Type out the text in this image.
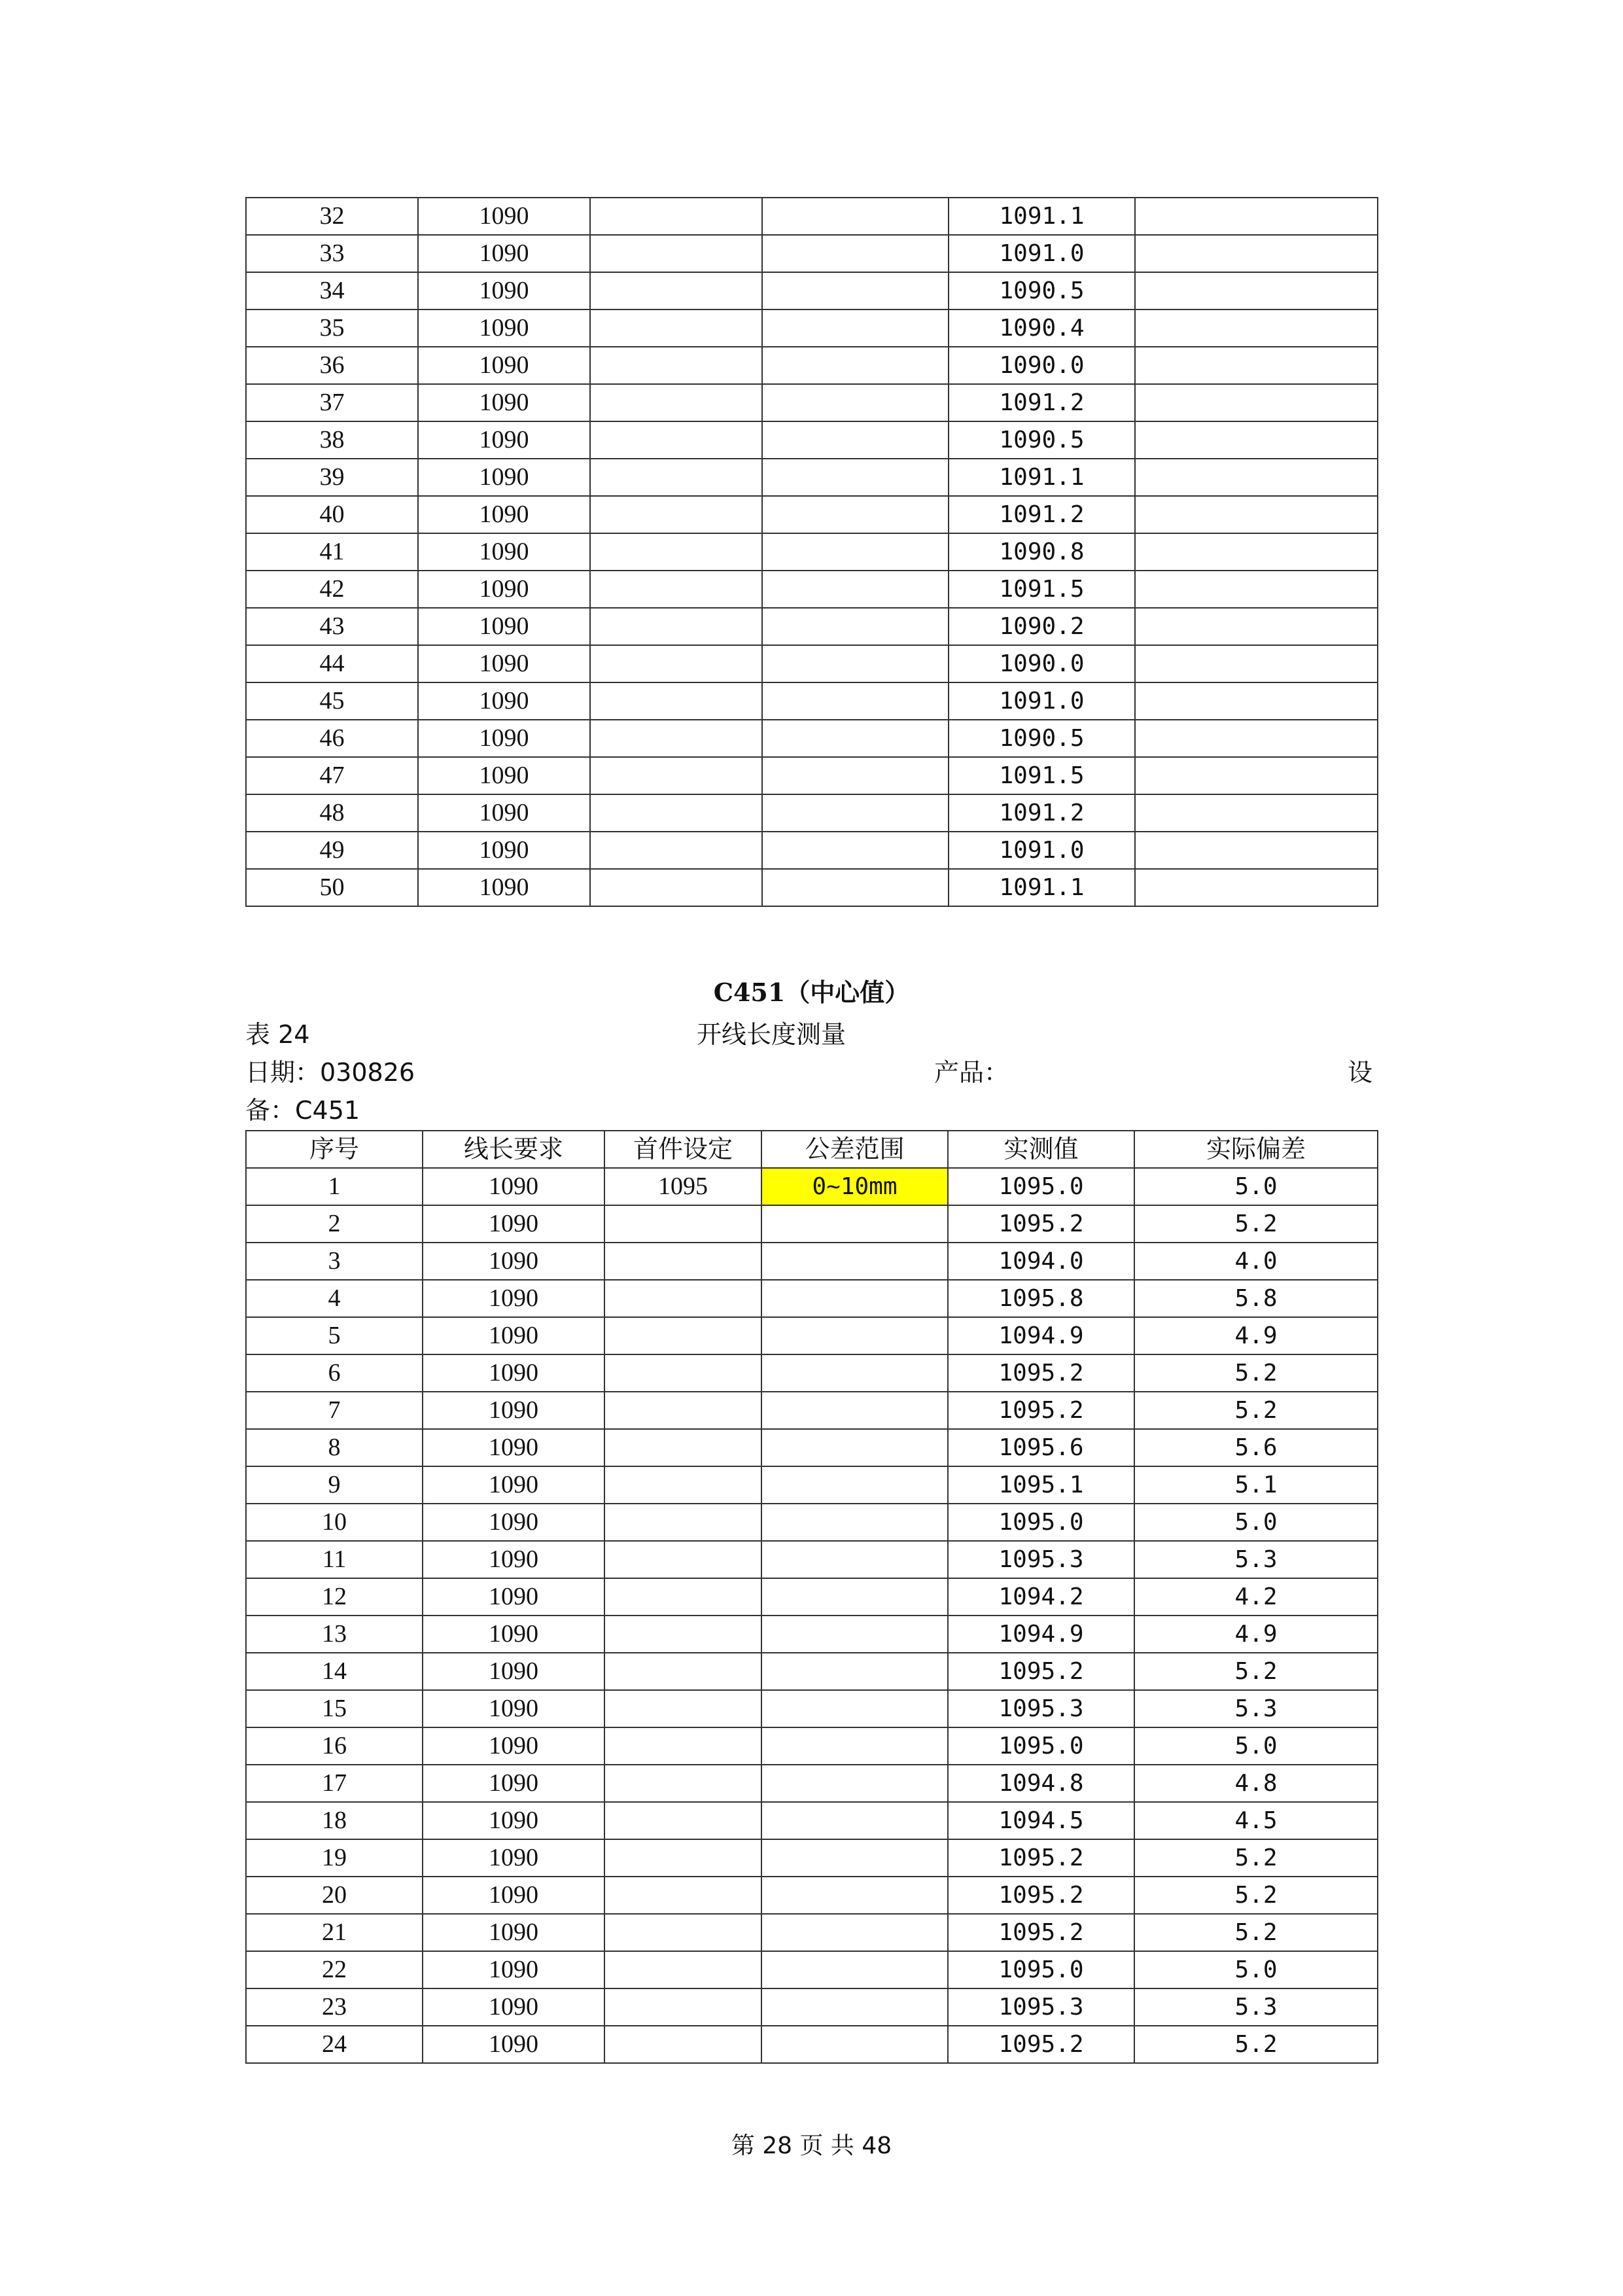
32	1090			1091.1	
33	1090			1091.0	
34	1090			1090.5	
35	1090			1090.4	
36	1090			1090.0	
37	1090			1091.2	
38	1090			1090.5	
39	1090			1091.1	
40	1090			1091.2	
41	1090			1090.8	
42	1090			1091.5	
43	1090			1090.2	
44	1090			1090.0	
45	1090			1091.0	
46	1090			1090.5	
47	1090			1091.5	
48	1090			1091.2	
49	1090			1091.0	
50	1090			1091.1	
C451（中心值）
表 24	开线长度测量
日期：030826	产品：	设
备：C451
序号	线长要求	首件设定	公差范围	实测值	实际偏差
1	1090	1095	0~10mm	1095.0	5.0
2	1090			1095.2	5.2
3	1090			1094.0	4.0
4	1090			1095.8	5.8
5	1090			1094.9	4.9
6	1090			1095.2	5.2
7	1090			1095.2	5.2
8	1090			1095.6	5.6
9	1090			1095.1	5.1
10	1090			1095.0	5.0
11	1090			1095.3	5.3
12	1090			1094.2	4.2
13	1090			1094.9	4.9
14	1090			1095.2	5.2
15	1090			1095.3	5.3
16	1090			1095.0	5.0
17	1090			1094.8	4.8
18	1090			1094.5	4.5
19	1090			1095.2	5.2
20	1090			1095.2	5.2
21	1090			1095.2	5.2
22	1090			1095.0	5.0
23	1090			1095.3	5.3
24	1090			1095.2	5.2
第 28 页 共 48
